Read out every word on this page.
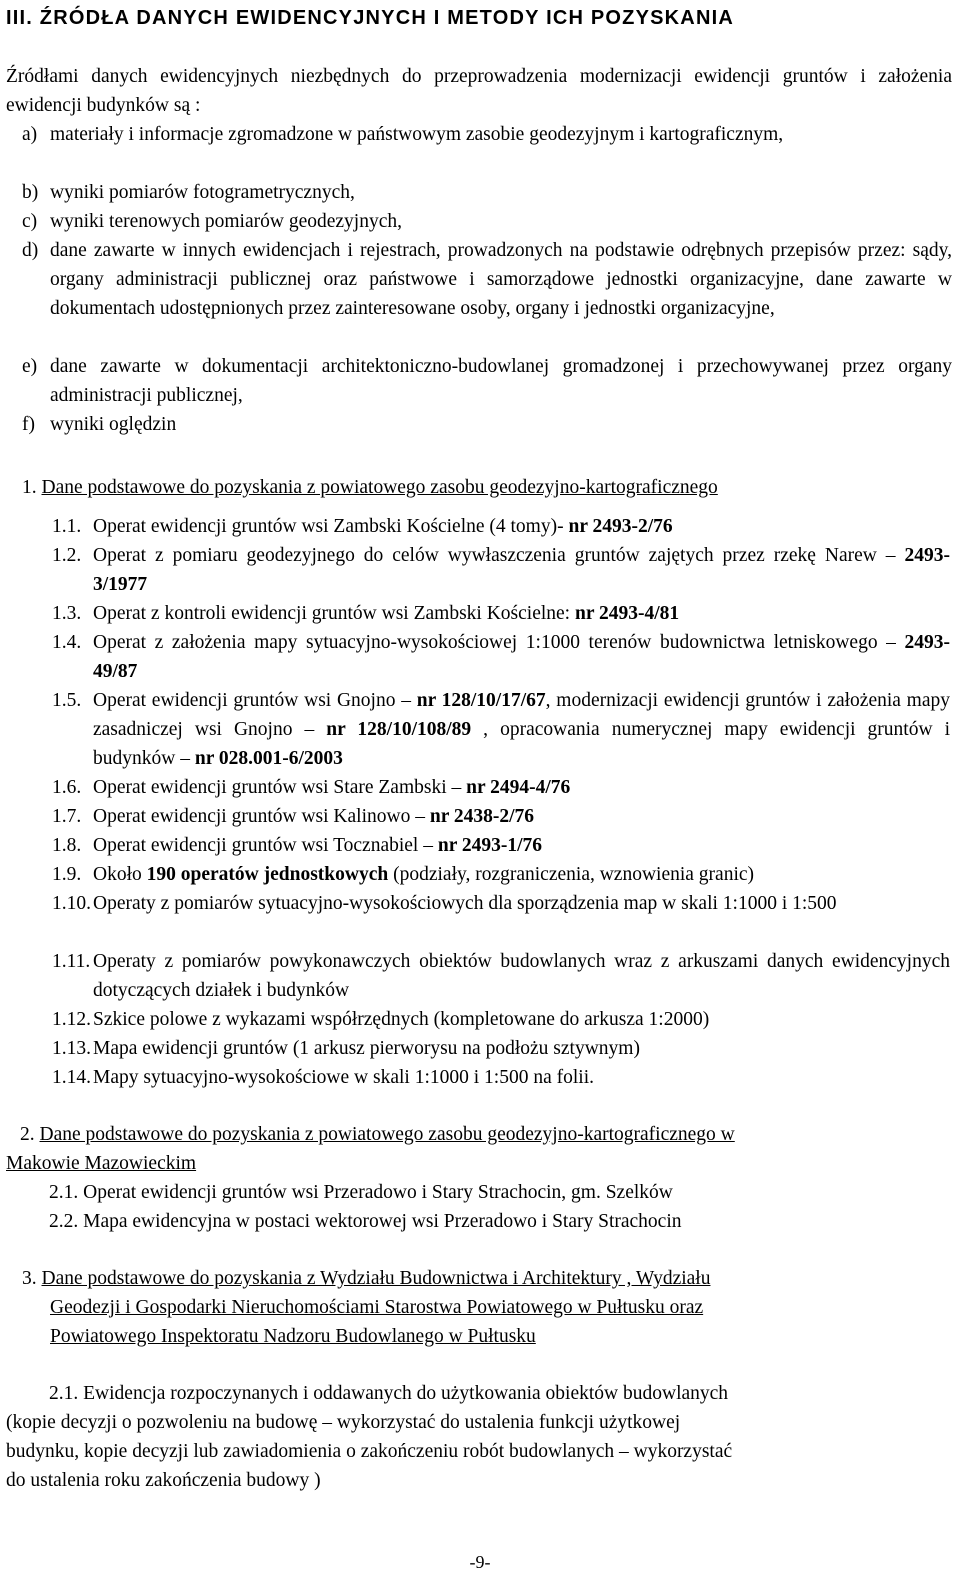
III. ŹRÓDŁA DANYCH EWIDENCYJNYCH I METODY ICH POZYSKANIA
Źródłami danych ewidencyjnych niezbędnych do przeprowadzenia modernizacji ewidencji gruntów i założenia ewidencji budynków są :
a) materiały i informacje zgromadzone w państwowym zasobie geodezyjnym i kartograficznym,
b) wyniki pomiarów fotogrametrycznych,
c) wyniki terenowych pomiarów geodezyjnych,
d) dane zawarte w innych ewidencjach i rejestrach, prowadzonych na podstawie odrębnych przepisów przez: sądy, organy administracji publicznej oraz państwowe i samorządowe jednostki organizacyjne, dane zawarte w dokumentach udostępnionych przez zainteresowane osoby, organy i jednostki organizacyjne,
e) dane zawarte w dokumentacji architektoniczno-budowlanej gromadzonej i przechowywanej przez organy administracji publicznej,
f) wyniki oględzin
1. Dane podstawowe do pozyskania z powiatowego zasobu geodezyjno-kartograficznego
1.1. Operat ewidencji gruntów wsi Zambski Kościelne (4 tomy)- nr 2493-2/76
1.2. Operat z pomiaru geodezyjnego do celów wywłaszczenia gruntów zajętych przez rzekę Narew – 2493-3/1977
1.3. Operat z kontroli ewidencji gruntów wsi Zambski Kościelne: nr 2493-4/81
1.4. Operat z założenia mapy sytuacyjno-wysokościowej 1:1000 terenów budownictwa letniskowego – 2493-49/87
1.5. Operat ewidencji gruntów wsi Gnojno – nr 128/10/17/67, modernizacji ewidencji gruntów i założenia mapy zasadniczej wsi Gnojno – nr 128/10/108/89 , opracowania numerycznej mapy ewidencji gruntów i budynków – nr 028.001-6/2003
1.6. Operat ewidencji gruntów wsi Stare Zambski – nr 2494-4/76
1.7. Operat ewidencji gruntów wsi Kalinowo – nr 2438-2/76
1.8. Operat ewidencji gruntów wsi Tocznabiel – nr 2493-1/76
1.9. Około 190 operatów jednostkowych (podziały, rozgraniczenia, wznowienia granic)
1.10. Operaty z pomiarów sytuacyjno-wysokościowych dla sporządzenia map w skali 1:1000 i 1:500
1.11. Operaty z pomiarów powykonawczych obiektów budowlanych wraz z arkuszami danych ewidencyjnych dotyczących działek i budynków
1.12. Szkice polowe z wykazami współrzędnych (kompletowane do arkusza 1:2000)
1.13. Mapa ewidencji gruntów (1 arkusz pierworysu na podłożu sztywnym)
1.14. Mapy sytuacyjno-wysokościowe w skali 1:1000 i 1:500 na folii.
2. Dane podstawowe do pozyskania z powiatowego zasobu geodezyjno-kartograficznego w
Makowie Mazowieckim
2.1. Operat ewidencji gruntów wsi Przeradowo i Stary Strachocin, gm. Szelków
2.2. Mapa ewidencyjna w postaci wektorowej wsi Przeradowo i Stary Strachocin
3. Dane podstawowe do pozyskania z Wydziału Budownictwa i Architektury , Wydziału
Geodezji i Gospodarki Nieruchomościami Starostwa Powiatowego w Pułtusku oraz
Powiatowego Inspektoratu Nadzoru Budowlanego w Pułtusku
2.1. Ewidencja rozpoczynanych i oddawanych do użytkowania obiektów budowlanych
(kopie decyzji o pozwoleniu na budowę – wykorzystać do ustalenia funkcji użytkowej
budynku, kopie decyzji lub zawiadomienia o zakończeniu robót budowlanych – wykorzystać
do ustalenia roku zakończenia budowy )
-9-
